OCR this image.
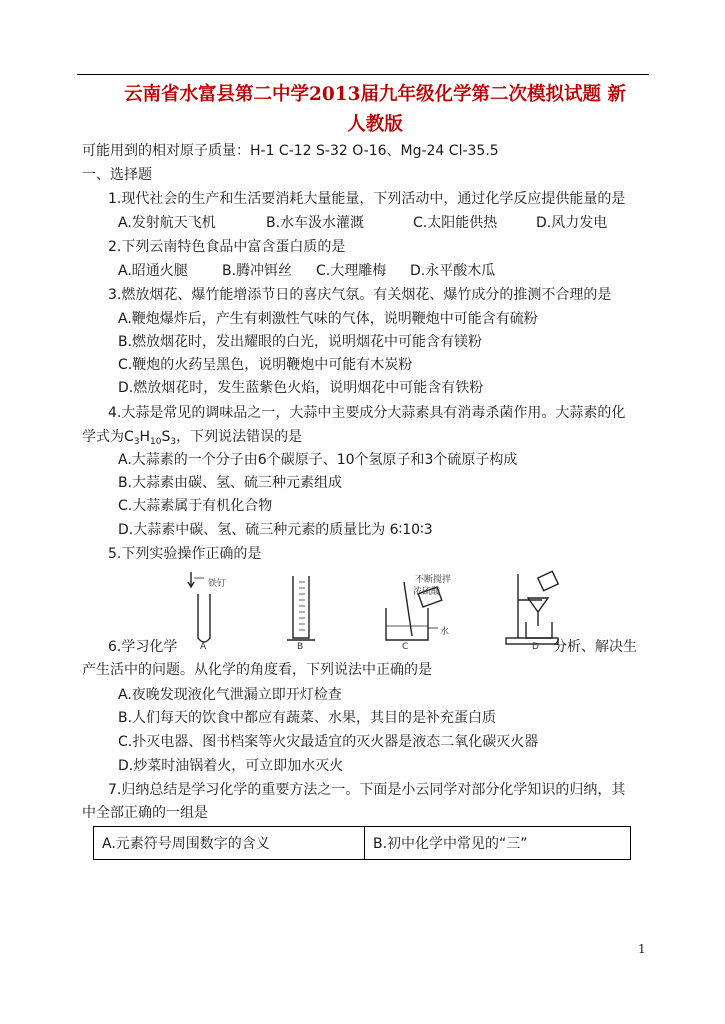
云南省水富县第二中学2013届九年级化学第二次模拟试题 新
人教版
可能用到的相对原子质量：H-1 C-12 S-32 O-16、Mg-24 Cl-35.5
一、选择题
1.现代社会的生产和生活要消耗大量能量，下列活动中，通过化学反应提供能量的是
A.发射航天飞机	B.水车汲水灌溉	C.太阳能供热	D.风力发电
2.下列云南特色食品中富含蛋白质的是
A.昭通火腿 B.腾冲铒丝 C.大理雕梅 D.永平酸木瓜
3.燃放烟花、爆竹能增添节日的喜庆气氛。有关烟花、爆竹成分的推测不合理的是
A.鞭炮爆炸后，产生有刺激性气味的气体，说明鞭炮中可能含有硫粉
B.燃放烟花时，发出耀眼的白光，说明烟花中可能含有镁粉
C.鞭炮的火药呈黑色，说明鞭炮中可能有木炭粉
D.燃放烟花时，发生蓝紫色火焰，说明烟花中可能含有铁粉
4.大蒜是常见的调味品之一，大蒜中主要成分大蒜素具有消毒杀菌作用。大蒜素的化
学式为$C_3H_{10}S_3$，下列说法错误的是
A.大蒜素的一个分子由6个碳原子、10个氢原子和3个硫原子构成
B.大蒜素由碳、氢、硫三种元素组成
C.大蒜素属于有机化合物
D.大蒜素中碳、氢、硫三种元素的质量比为 6∶10∶3
5.下列实验操作正确的是
铁钉	不断搅拌
浓硫酸
水
A	B	C	D
6.学习化学	分析、解决生
产生活中的问题。从化学的角度看，下列说法中正确的是
A.夜晚发现液化气泄漏立即开灯检查
B.人们每天的饮食中都应有蔬菜、水果，其目的是补充蛋白质
C.扑灭电器、图书档案等火灾最适宜的灭火器是液态二氧化碳灭火器
D.炒菜时油锅着火，可立即加水灭火
7.归纳总结是学习化学的重要方法之一。下面是小云同学对部分化学知识的归纳，其
中全部正确的一组是
A.元素符号周围数字的含义	B.初中化学中常见的“三”
1
